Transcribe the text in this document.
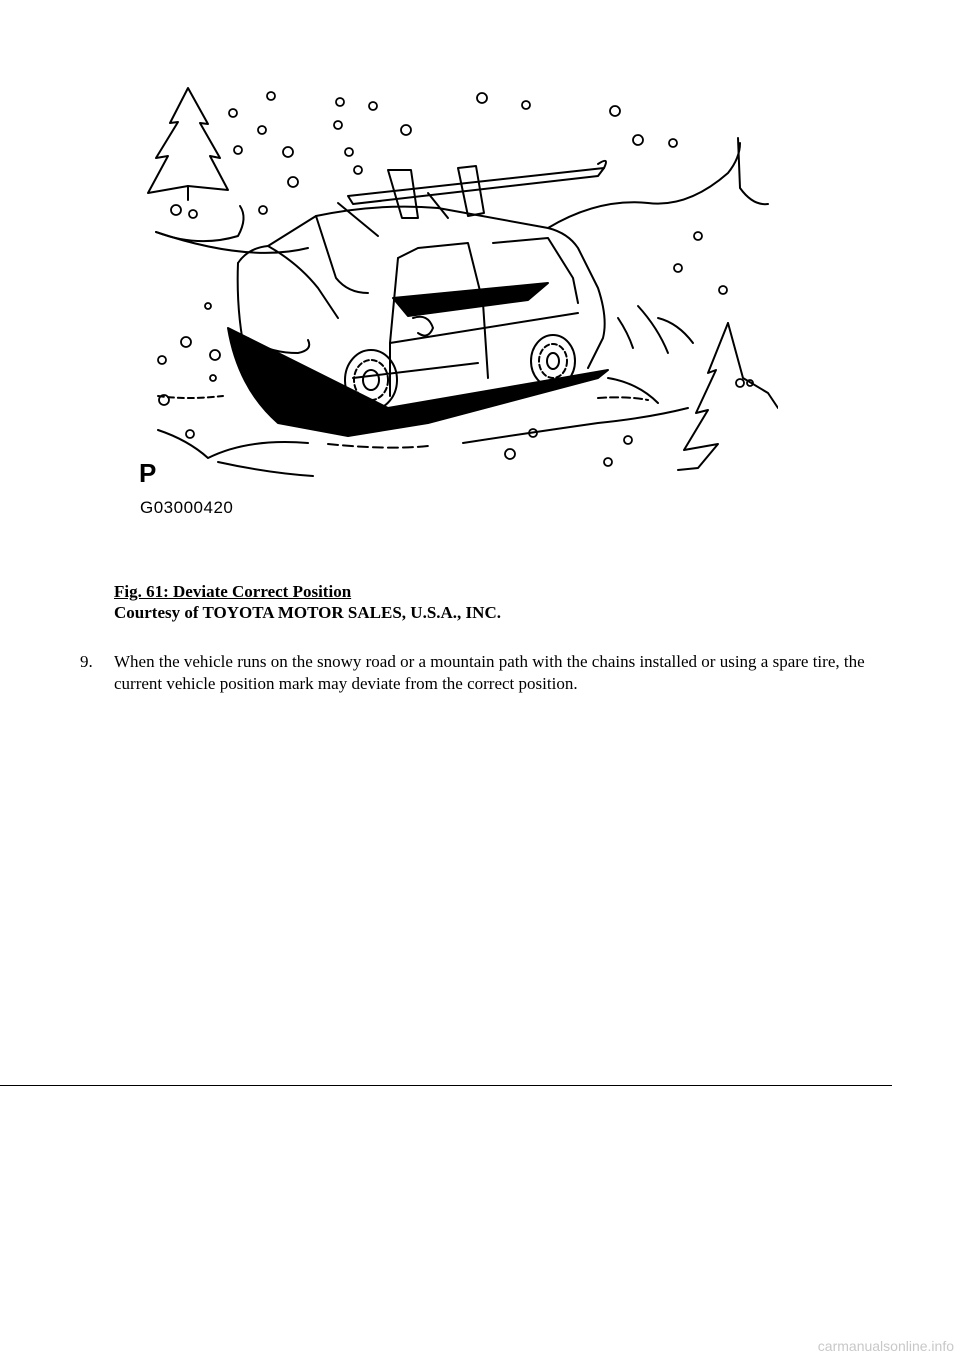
P
G03000420
Fig. 61: Deviate Correct Position
Courtesy of TOYOTA MOTOR SALES, U.S.A., INC.
9. When the vehicle runs on the snowy road or a mountain path with the chains installed or using a spare tire, the current vehicle position mark may deviate from the correct position.
carmanualsonline.info
